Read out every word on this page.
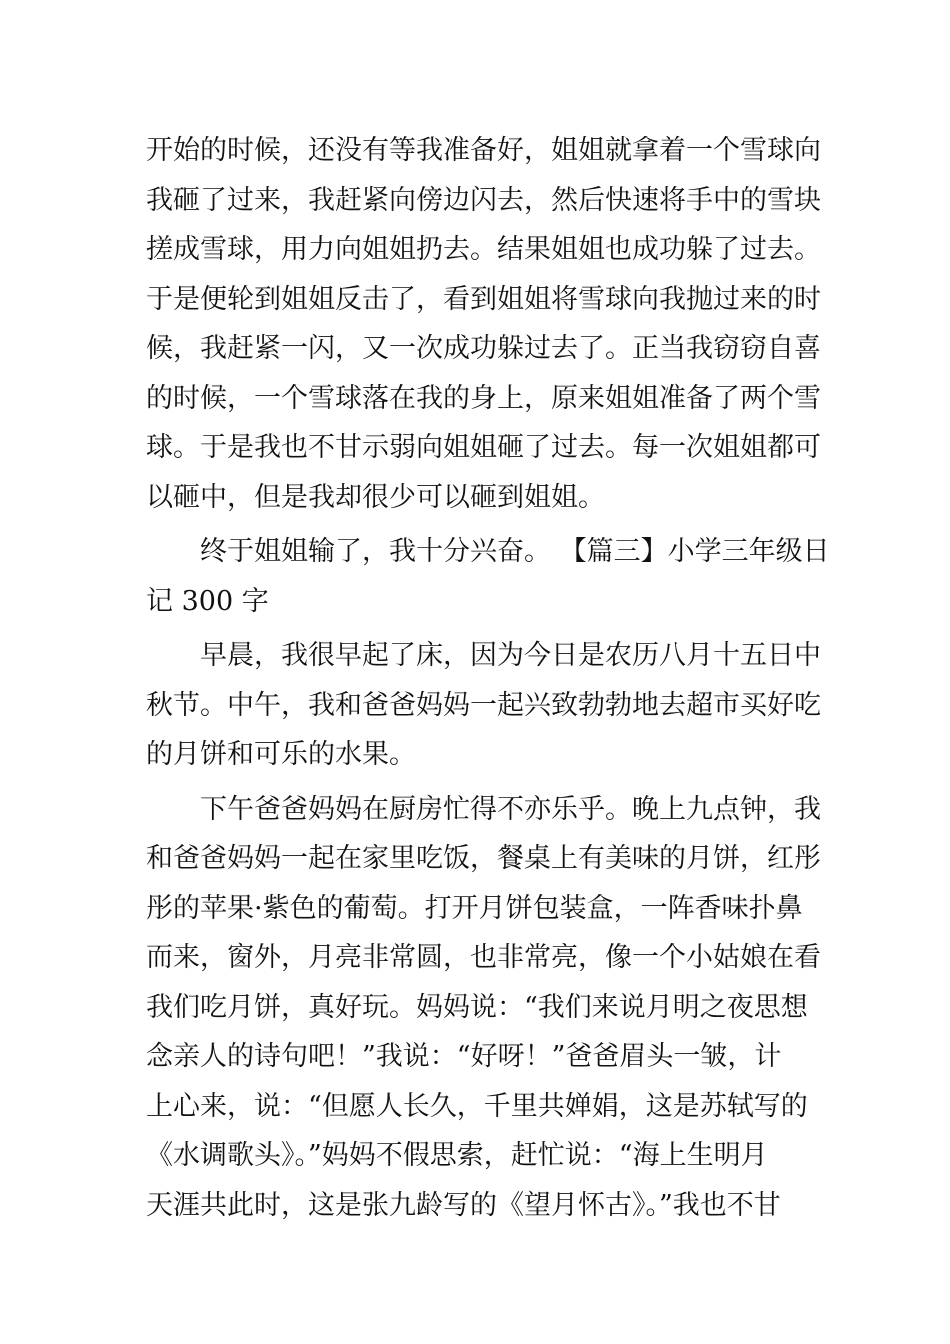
开始的时候，还没有等我准备好，姐姐就拿着一个雪球向
我砸了过来，我赶紧向傍边闪去，然后快速将手中的雪块
搓成雪球，用力向姐姐扔去。结果姐姐也成功躲了过去。
于是便轮到姐姐反击了，看到姐姐将雪球向我抛过来的时
候，我赶紧一闪，又一次成功躲过去了。正当我窃窃自喜
的时候，一个雪球落在我的身上，原来姐姐准备了两个雪
球。于是我也不甘示弱向姐姐砸了过去。每一次姐姐都可
以砸中，但是我却很少可以砸到姐姐。
终于姐姐输了，我十分兴奋。 【篇三】小学三年级日
记 300 字
早晨，我很早起了床，因为今日是农历八月十五日中
秋节。中午，我和爸爸妈妈一起兴致勃勃地去超市买好吃
的月饼和可乐的水果。
下午爸爸妈妈在厨房忙得不亦乐乎。晚上九点钟，我
和爸爸妈妈一起在家里吃饭，餐桌上有美味的月饼，红彤
彤的苹果·紫色的葡萄。打开月饼包装盒，一阵香味扑鼻
而来，窗外，月亮非常圆，也非常亮，像一个小姑娘在看
我们吃月饼，真好玩。妈妈说：“我们来说月明之夜思想
念亲人的诗句吧！”我说：“好呀！”爸爸眉头一皱，计
上心来，说：“但愿人长久，千里共婵娟，这是苏轼写的
《水调歌头》。”妈妈不假思索，赶忙说：“海上生明月
天涯共此时，这是张九龄写的《望月怀古》。”我也不甘
